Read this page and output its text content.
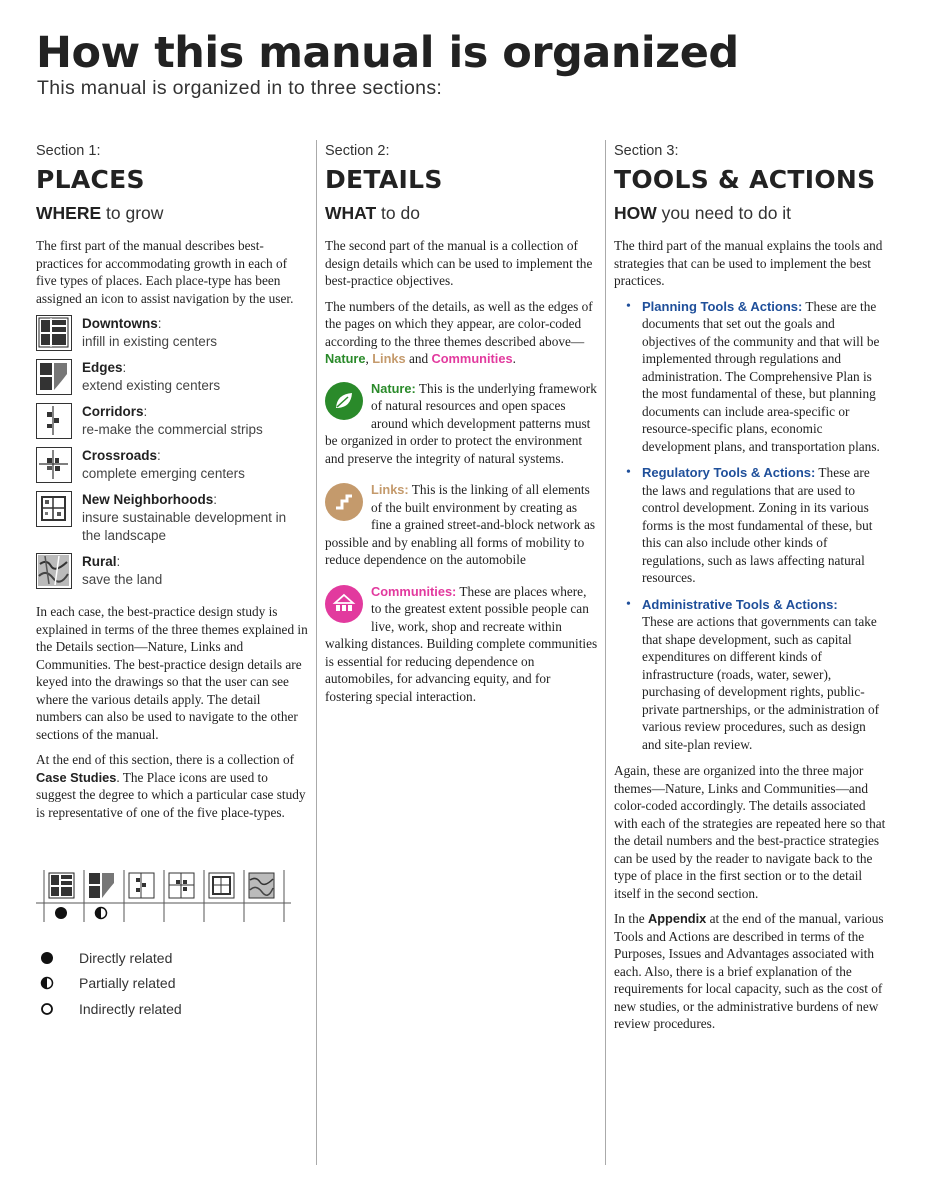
How this manual is organized
This manual is organized in to three sections:
Section 1:
PLACES
WHERE to grow

The first part of the manual describes best-practices for accommodating growth in each of five types of places. Each place-type has been assigned an icon to assist navigation by the user.

Downtowns:
infill in existing centers
Edges:
extend existing centers
Corridors:
re-make the commercial strips
Crossroads:
complete emerging centers
New Neighborhoods:
insure sustainable development in the landscape
Rural:
save the land

In each case, the best-practice design study is explained in terms of the three themes explained in the Details section—Nature, Links and Communities. The best-practice design details are keyed into the drawings so that the user can see where the various details apply. The detail numbers can also be used to navigate to the other sections of the manual.

At the end of this section, there is a collection of Case Studies. The Place icons are used to suggest the degree to which a particular case study is representative of one of the five place-types.

Directly related
Partially related
Indirectly related
Section 2:
DETAILS
WHAT to do

The second part of the manual is a collection of design details which can be used to implement the best-practice objectives.

The numbers of the details, as well as the edges of the pages on which they appear, are color-coded according to the three themes described above—Nature, Links and Communities.

Nature: This is the underlying framework of natural resources and open spaces around which development patterns must be organized in order to protect the environment and preserve the integrity of natural systems.

Links: This is the linking of all elements of the built environment by creating as fine a grained street-and-block network as possible and by enabling all forms of mobility to reduce dependence on the automobile

Communities: These are places where, to the greatest extent possible people can live, work, shop and recreate within walking distances. Building complete communities is essential for reducing dependence on automobiles, for advancing equity, and for fostering special interaction.

Section 3:
TOOLS & ACTIONS
HOW you need to do it

The third part of the manual explains the tools and strategies that can be used to implement the best practices.

• Planning Tools & Actions: These are the documents that set out the goals and objectives of the community and that will be implemented through regulations and administration. The Comprehensive Plan is the most fundamental of these, but planning documents can include area-specific or resource-specific plans, economic development plans, and transportation plans.
• Regulatory Tools & Actions: These are the laws and regulations that are used to control development. Zoning in its various forms is the most fundamental of these, but this can also include other kinds of regulations, such as laws affecting natural resources.
• Administrative Tools & Actions:
These are actions that governments can take that shape development, such as capital expenditures on different kinds of infrastructure (roads, water, sewer), purchasing of development rights, public-private partnerships, or the administration of various review procedures, such as design and site-plan review.

Again, these are organized into the three major themes—Nature, Links and Communities—and color-coded accordingly. The details associated with each of the strategies are repeated here so that the detail numbers and the best-practice strategies can be used by the reader to navigate back to the type of place in the first section or to the detail itself in the second section.

In the Appendix at the end of the manual, various Tools and Actions are described in terms of the Purposes, Issues and Advantages associated with each. Also, there is a brief explanation of the requirements for local capacity, such as the cost of new studies, or the administrative burdens of new review procedures.
